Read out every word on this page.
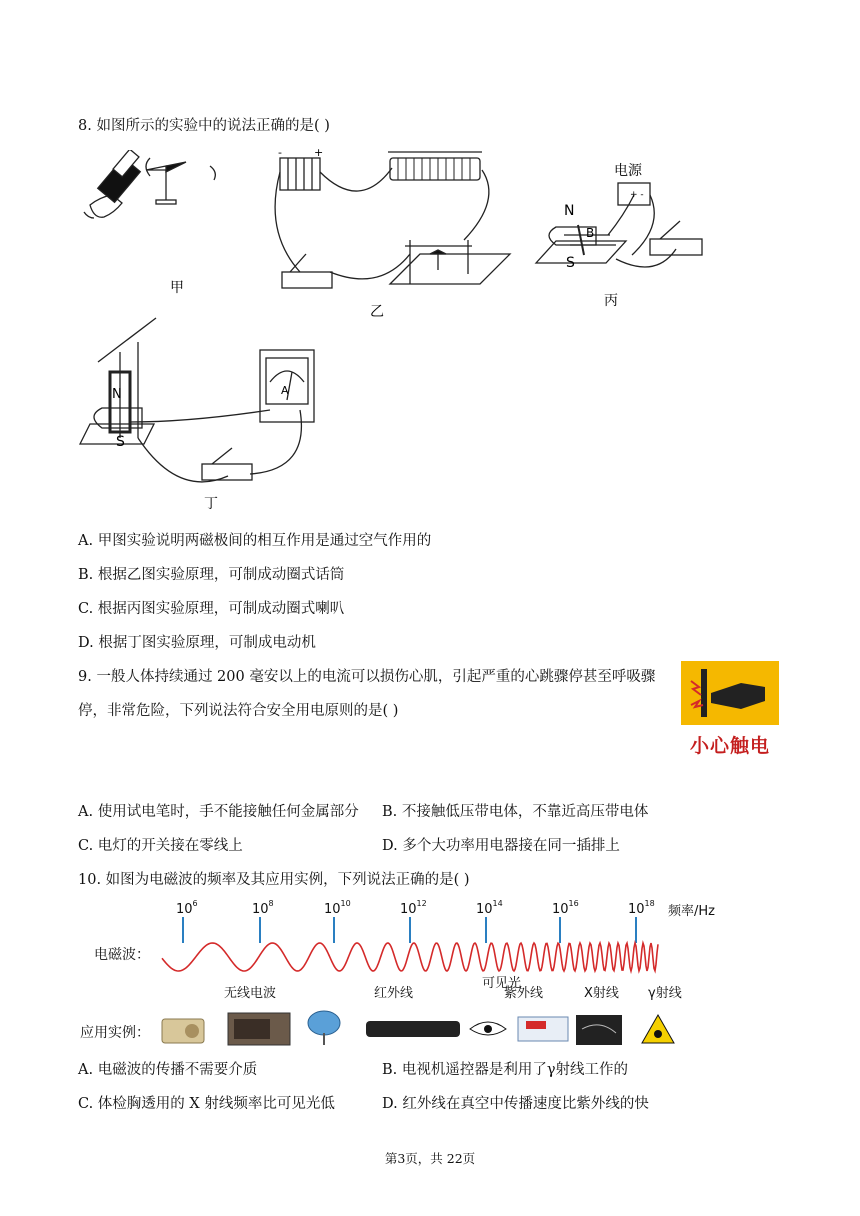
8. 如图所示的实验中的说法正确的是( )
甲
-	+
乙
电源
+ -
N
B
S
丙
N
S
A
丁
A. 甲图实验说明两磁极间的相互作用是通过空气作用的
B. 根据乙图实验原理，可制成动圈式话筒
C. 根据丙图实验原理，可制成动圈式喇叭
D. 根据丁图实验原理，可制成电动机
9. 一般人体持续通过 200 毫安以上的电流可以损伤心肌，引起严重的心跳骤停甚至呼吸骤
停，非常危险，下列说法符合安全用电原则的是( )
小心触电
A. 使用试电笔时，手不能接触任何金属部分 B. 不接触低压带电体，不靠近高压带电体
C. 电灯的开关接在零线上	D. 多个大功率用电器接在同一插排上
10. 如图为电磁波的频率及其应用实例，下列说法正确的是( )
$10^6$	$10^8$	$10^{10}$	$10^{12}$	$10^{14}$	$10^{16}$	$10^{18}$
频率/Hz
电磁波：
应用实例：
无线电波	红外线
可见光
紫外线	X射线 γ射线
A. 电磁波的传播不需要介质	B. 电视机遥控器是利用了γ射线工作的
C. 体检胸透用的 X 射线频率比可见光低	D. 红外线在真空中传播速度比紫外线的快
第3页，共 22页
